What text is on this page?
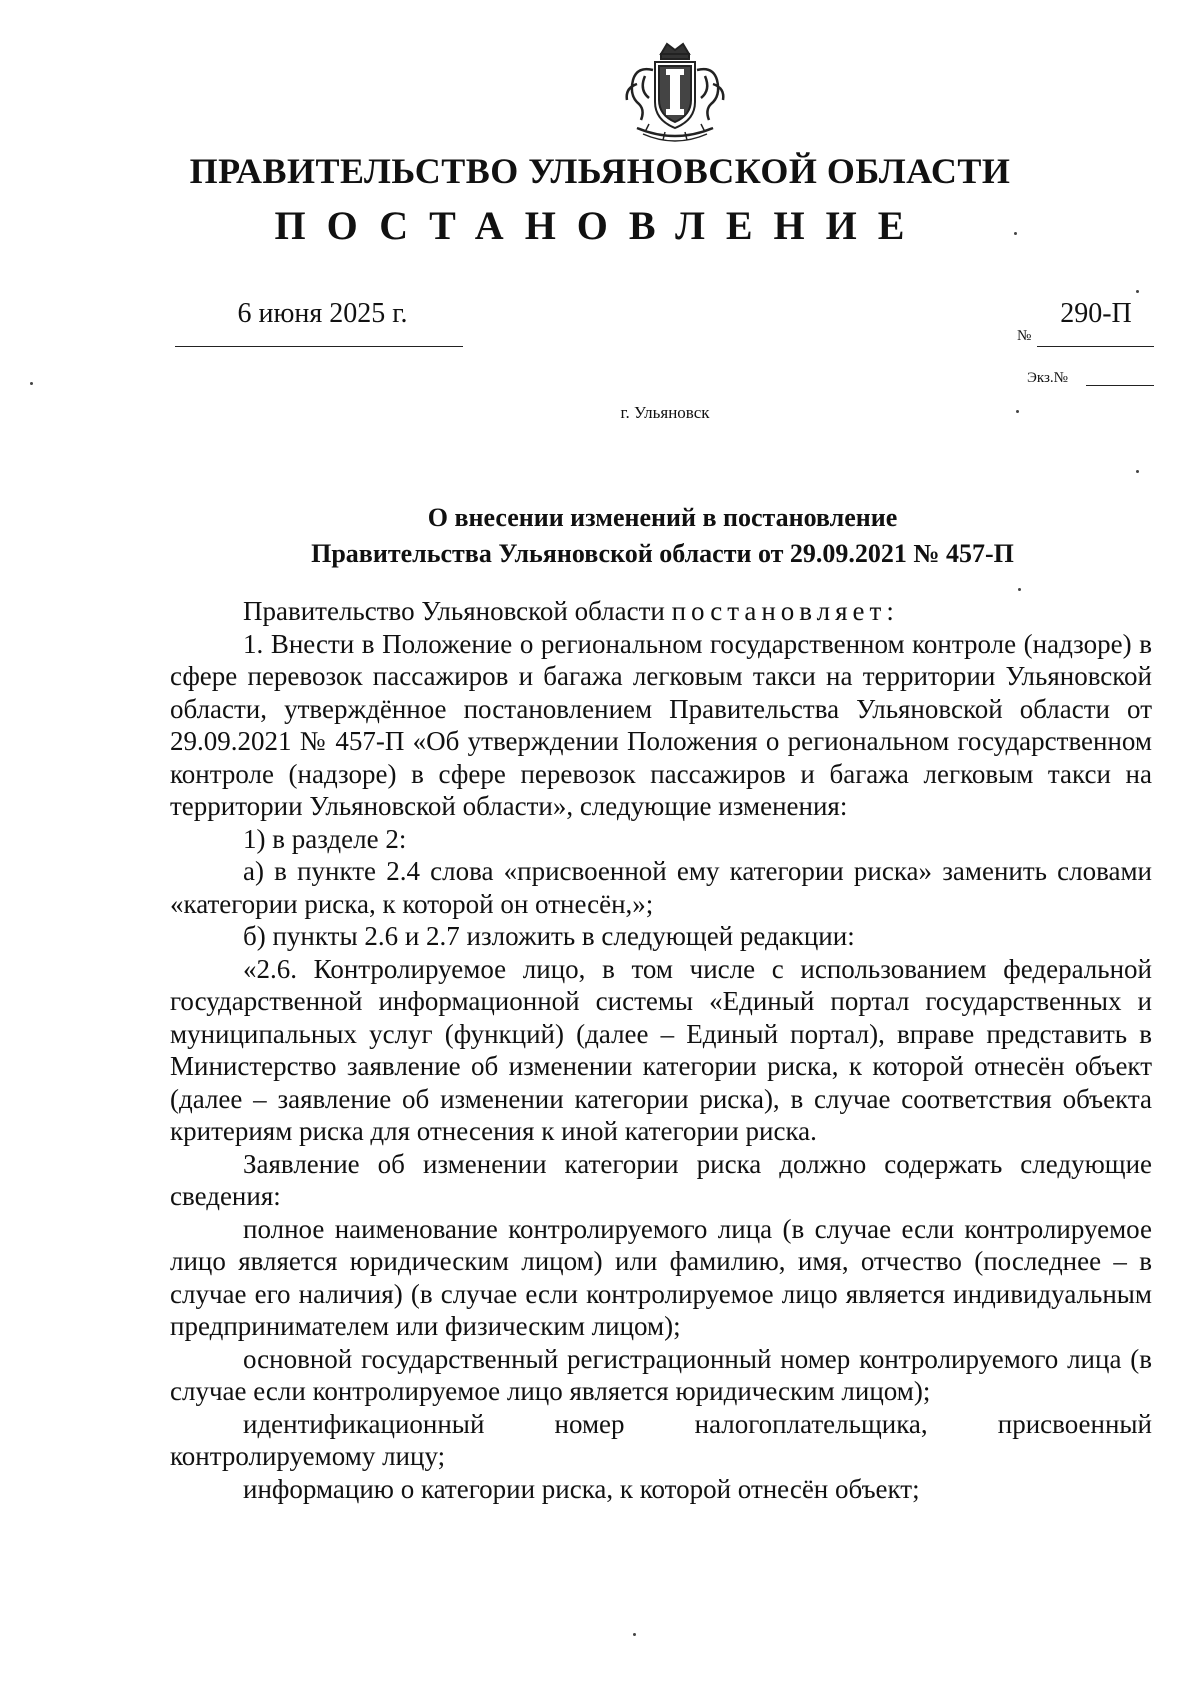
ПРАВИТЕЛЬСТВО УЛЬЯНОВСКОЙ ОБЛАСТИ
ПОСТАНОВЛЕНИЕ
6 июня 2025 г.
№
290-П
Экз.№
г. Ульяновск
О внесении изменений в постановление
Правительства Ульяновской области от 29.09.2021 № 457-П

Правительство Ульяновской области постановляет:

1. Внести в Положение о региональном государственном контроле (надзоре) в сфере перевозок пассажиров и багажа легковым такси на территории Ульяновской области, утверждённое постановлением Правительства Ульяновской области от 29.09.2021 № 457-П «Об утверждении Положения о региональном государственном контроле (надзоре) в сфере перевозок пассажиров и багажа легковым такси на территории Ульяновской области», следующие изменения:

1) в разделе 2:

а) в пункте 2.4 слова «присвоенной ему категории риска» заменить словами «категории риска, к которой он отнесён,»;

б) пункты 2.6 и 2.7 изложить в следующей редакции:

«2.6. Контролируемое лицо, в том числе с использованием федеральной государственной информационной системы «Единый портал государственных и муниципальных услуг (функций) (далее – Единый портал), вправе представить в Министерство заявление об изменении категории риска, к которой отнесён объект (далее – заявление об изменении категории риска), в случае соответствия объекта критериям риска для отнесения к иной категории риска.

Заявление об изменении категории риска должно содержать следующие сведения:

полное наименование контролируемого лица (в случае если контролируемое лицо является юридическим лицом) или фамилию, имя, отчество (последнее – в случае его наличия) (в случае если контролируемое лицо является индивидуальным предпринимателем или физическим лицом);

основной государственный регистрационный номер контролируемого лица (в случае если контролируемое лицо является юридическим лицом);

идентификационный номер налогоплательщика, присвоенный контролируемому лицу;

информацию о категории риска, к которой отнесён объект;
